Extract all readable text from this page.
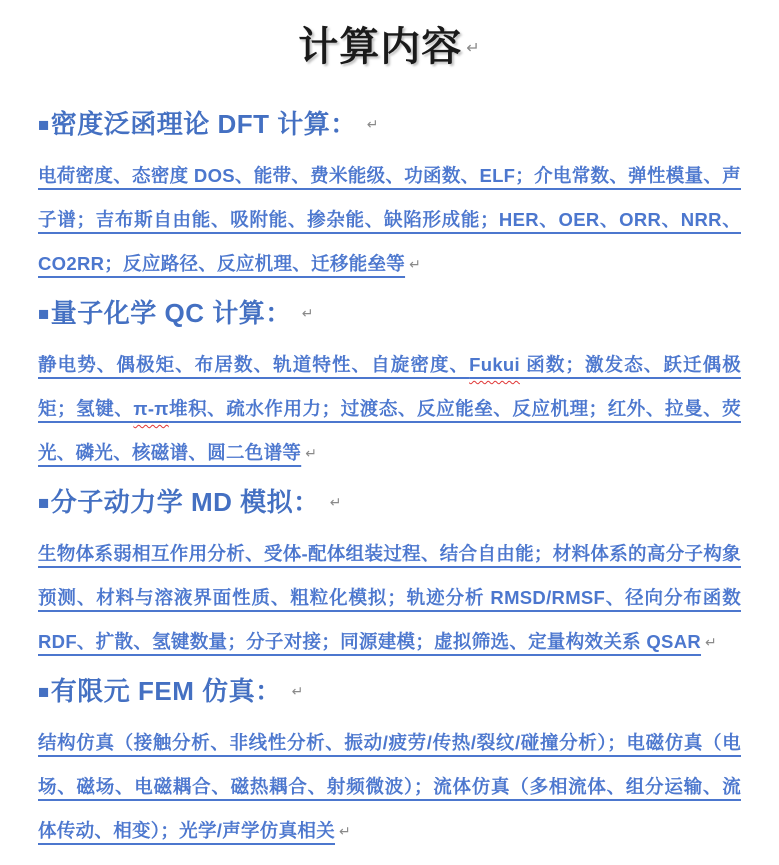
计算内容 ↵
■密度泛函理论 DFT 计算： ↵

电荷密度、态密度 DOS、能带、费米能级、功函数、ELF；介电常数、弹性模量、声子谱；吉布斯自由能、吸附能、掺杂能、缺陷形成能；HER、OER、ORR、NRR、CO2RR；反应路径、反应机理、迁移能垒等 ↵

■量子化学 QC 计算： ↵

静电势、偶极矩、布居数、轨道特性、自旋密度、Fukui 函数；激发态、跃迁偶极矩；氢键、π-π堆积、疏水作用力；过渡态、反应能垒、反应机理；红外、拉曼、荧光、磷光、核磁谱、圆二色谱等 ↵

■分子动力学 MD 模拟： ↵

生物体系弱相互作用分析、受体-配体组装过程、结合自由能；材料体系的高分子构象预测、材料与溶液界面性质、粗粒化模拟；轨迹分析 RMSD/RMSF、径向分布函数 RDF、扩散、氢键数量；分子对接；同源建模；虚拟筛选、定量构效关系 QSAR ↵

■有限元 FEM 仿真： ↵

结构仿真（接触分析、非线性分析、振动/疲劳/传热/裂纹/碰撞分析）；电磁仿真（电场、磁场、电磁耦合、磁热耦合、射频微波）；流体仿真（多相流体、组分运输、流体传动、相变）；光学/声学仿真相关 ↵
